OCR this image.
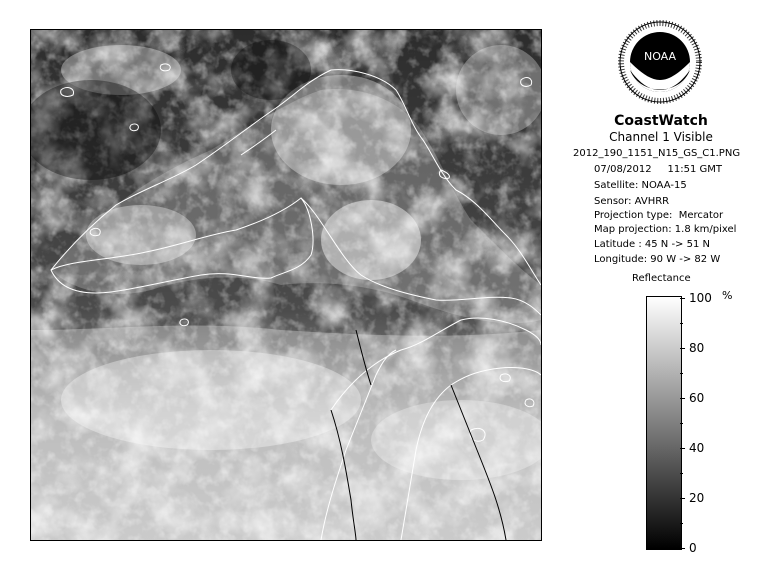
NOAA
CoastWatch
Channel 1 Visible
2012_190_1151_N15_GS_C1.PNG
07/08/2012     11:51 GMT
Satellite: NOAA-15
Sensor: AVHRR
Projection type:  Mercator
Map projection: 1.8 km/pixel
Latitude : 45 N -> 51 N
Longitude: 90 W -> 82 W
Reflectance
%
100
80
60
40
20
0
